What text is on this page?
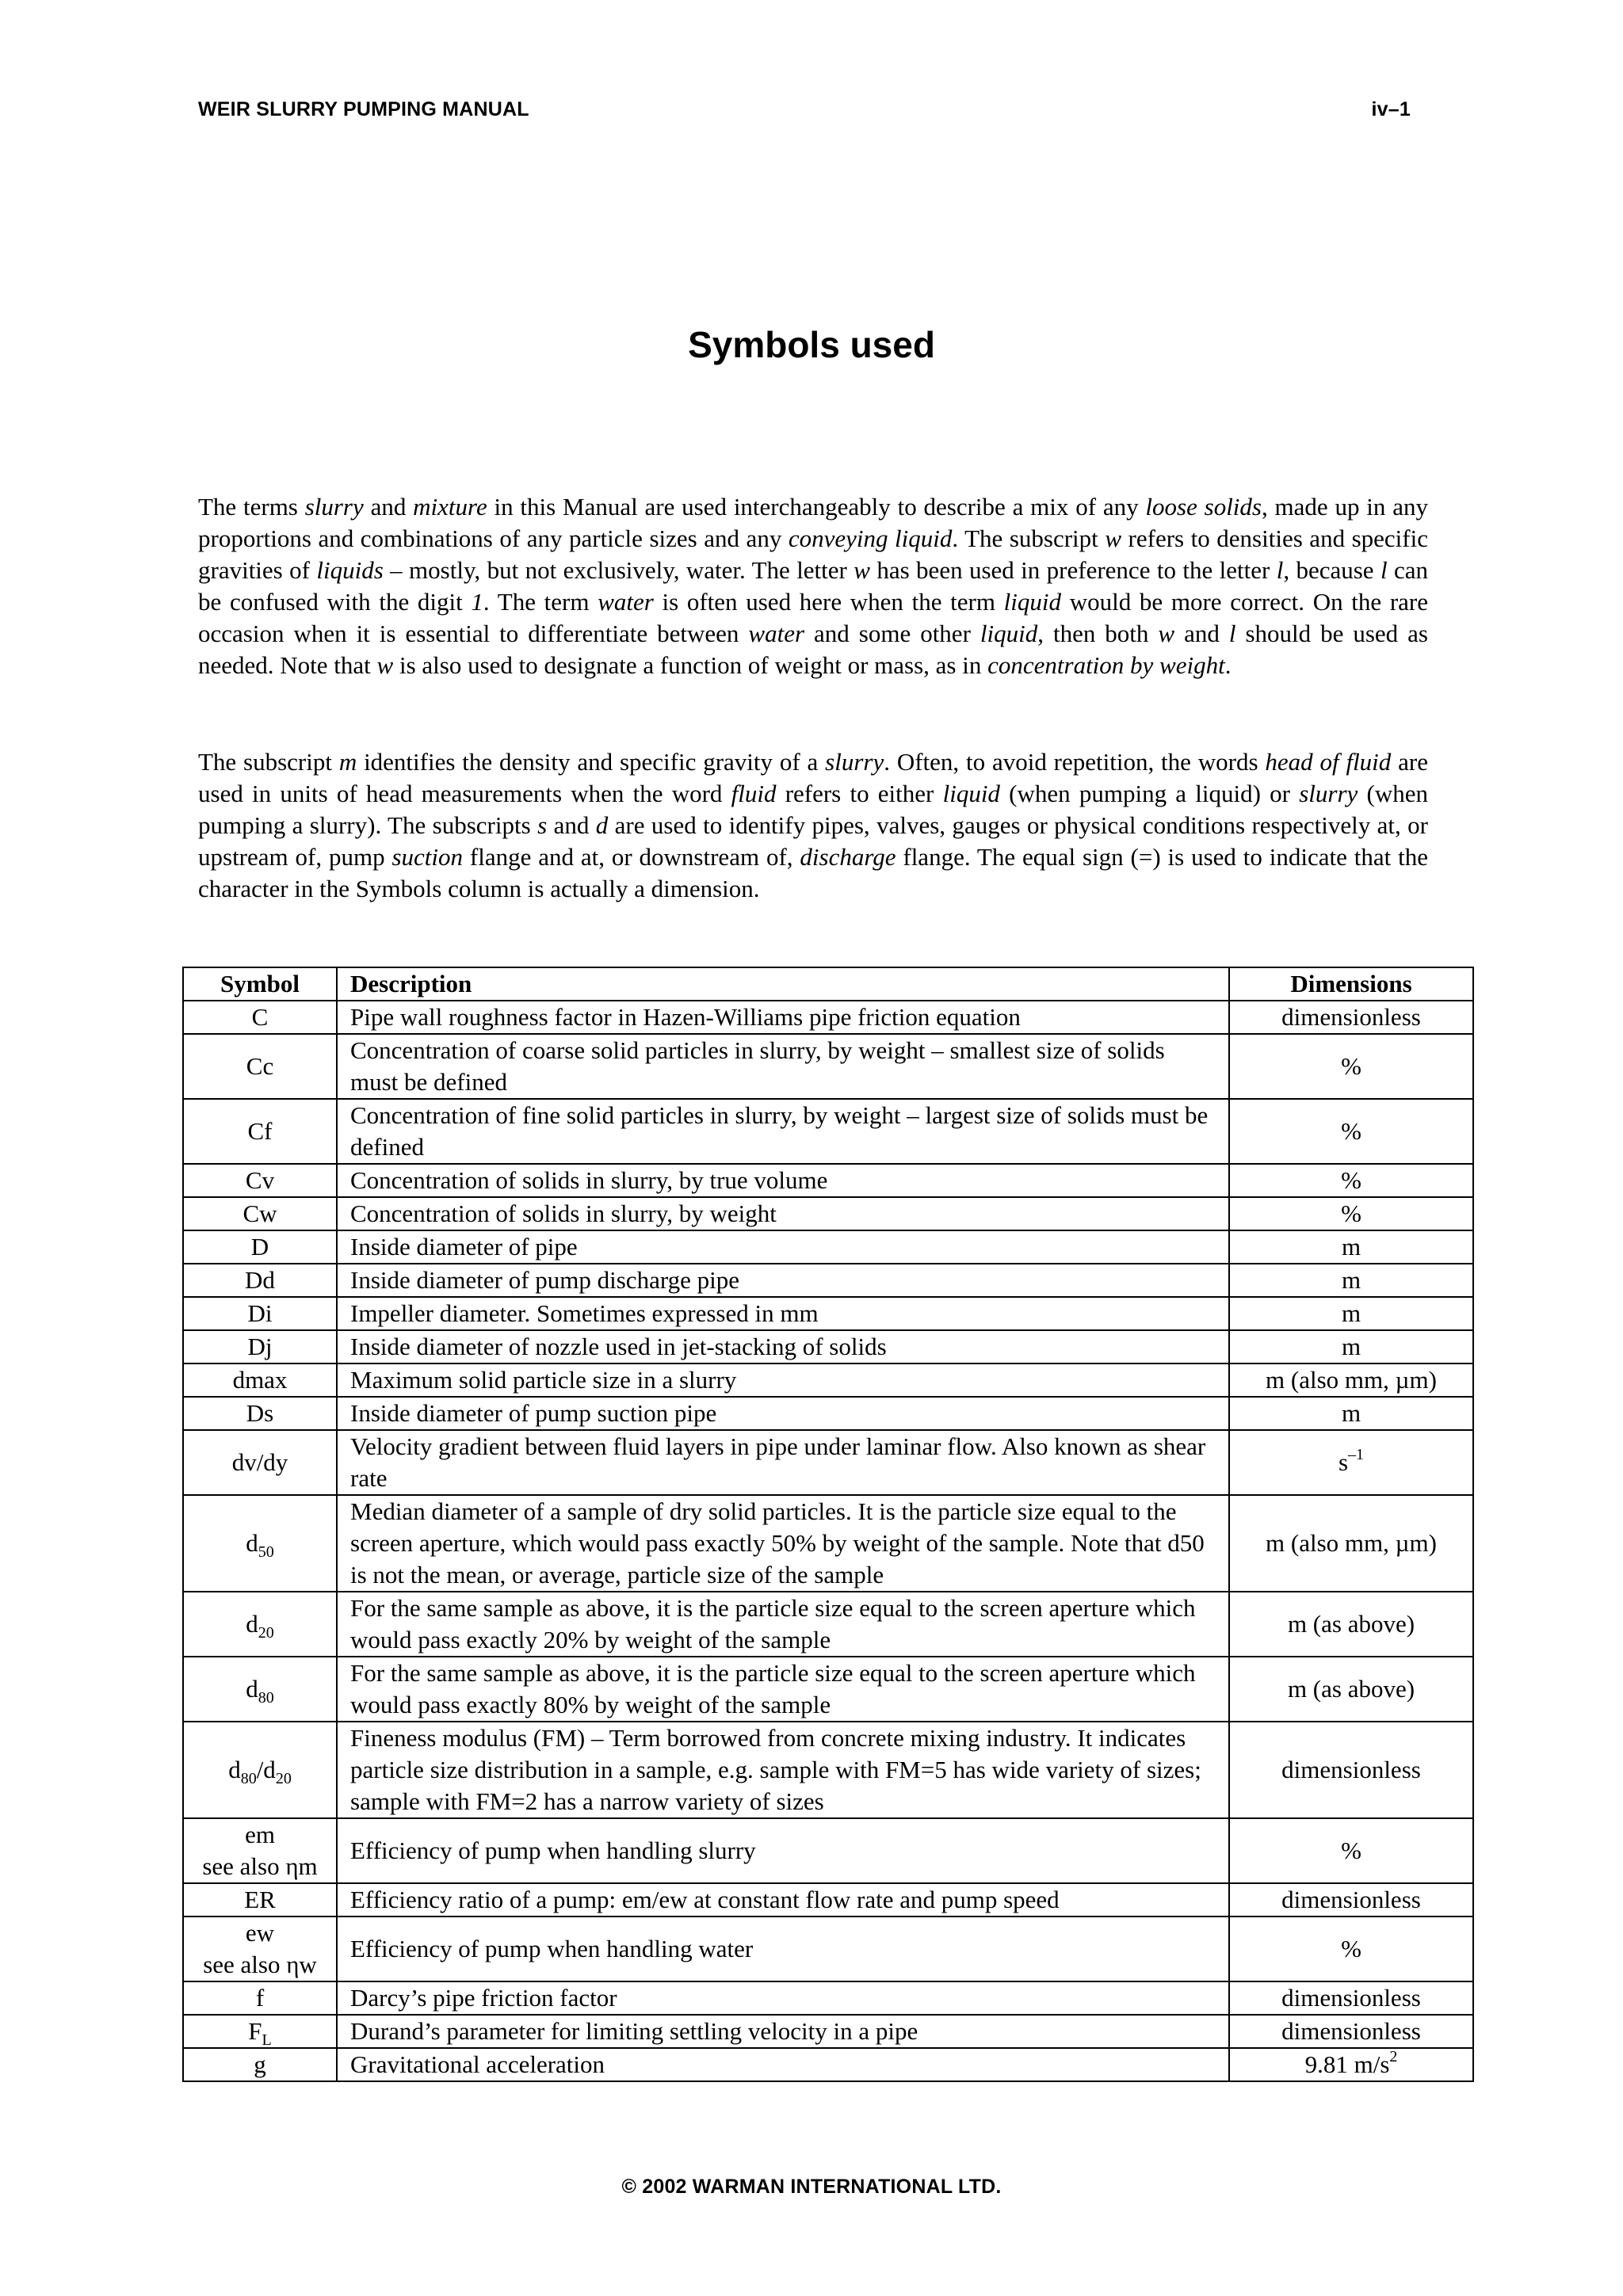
WEIR SLURRY PUMPING MANUAL	iv–1
Symbols used

The terms slurry and mixture in this Manual are used interchangeably to describe a mix of any loose solids, made up in any proportions and combinations of any particle sizes and any conveying liquid. The subscript w refers to densities and specific gravities of liquids – mostly, but not exclusively, water. The letter w has been used in preference to the letter l, because l can be confused with the digit 1. The term water is often used here when the term liquid would be more correct. On the rare occasion when it is essential to differentiate between water and some other liquid, then both w and l should be used as needed. Note that w is also used to designate a function of weight or mass, as in concentration by weight.

The subscript m identifies the density and specific gravity of a slurry. Often, to avoid repetition, the words head of fluid are used in units of head measurements when the word fluid refers to either liquid (when pumping a liquid) or slurry (when pumping a slurry). The subscripts s and d are used to identify pipes, valves, gauges or physical conditions respectively at, or upstream of, pump suction flange and at, or downstream of, discharge flange. The equal sign (=) is used to indicate that the character in the Symbols column is actually a dimension.

Symbol	Description	Dimensions
C	Pipe wall roughness factor in Hazen-Williams pipe friction equation	dimensionless
Cc	Concentration of coarse solid particles in slurry, by weight – smallest size of solids must be defined	%
Cf	Concentration of fine solid particles in slurry, by weight – largest size of solids must be defined	%
Cv	Concentration of solids in slurry, by true volume	%
Cw	Concentration of solids in slurry, by weight	%
D	Inside diameter of pipe	m
Dd	Inside diameter of pump discharge pipe	m
Di	Impeller diameter. Sometimes expressed in mm	m
Dj	Inside diameter of nozzle used in jet-stacking of solids	m
dmax	Maximum solid particle size in a slurry	m (also mm, µm)
Ds	Inside diameter of pump suction pipe	m
dv/dy	Velocity gradient between fluid layers in pipe under laminar flow. Also known as shear rate	$s^{-1}$
$d_{50}$	Median diameter of a sample of dry solid particles. It is the particle size equal to the screen aperture, which would pass exactly 50% by weight of the sample. Note that d50 is not the mean, or average, particle size of the sample	m (also mm, µm)
$d_{20}$	For the same sample as above, it is the particle size equal to the screen aperture which would pass exactly 20% by weight of the sample	m (as above)
$d_{80}$	For the same sample as above, it is the particle size equal to the screen aperture which would pass exactly 80% by weight of the sample	m (as above)
$d_{80}/d_{20}$	Fineness modulus (FM) – Term borrowed from concrete mixing industry. It indicates particle size distribution in a sample, e.g. sample with FM=5 has wide variety of sizes; sample with FM=2 has a narrow variety of sizes	dimensionless
em
see also ηm	Efficiency of pump when handling slurry	%
ER	Efficiency ratio of a pump: em/ew at constant flow rate and pump speed	dimensionless
ew
see also ηw	Efficiency of pump when handling water	%
f	Darcy’s pipe friction factor	dimensionless
$F_L$	Durand’s parameter for limiting settling velocity in a pipe	dimensionless
g	Gravitational acceleration	9.81 $m/s^2$
© 2002 WARMAN INTERNATIONAL LTD.
